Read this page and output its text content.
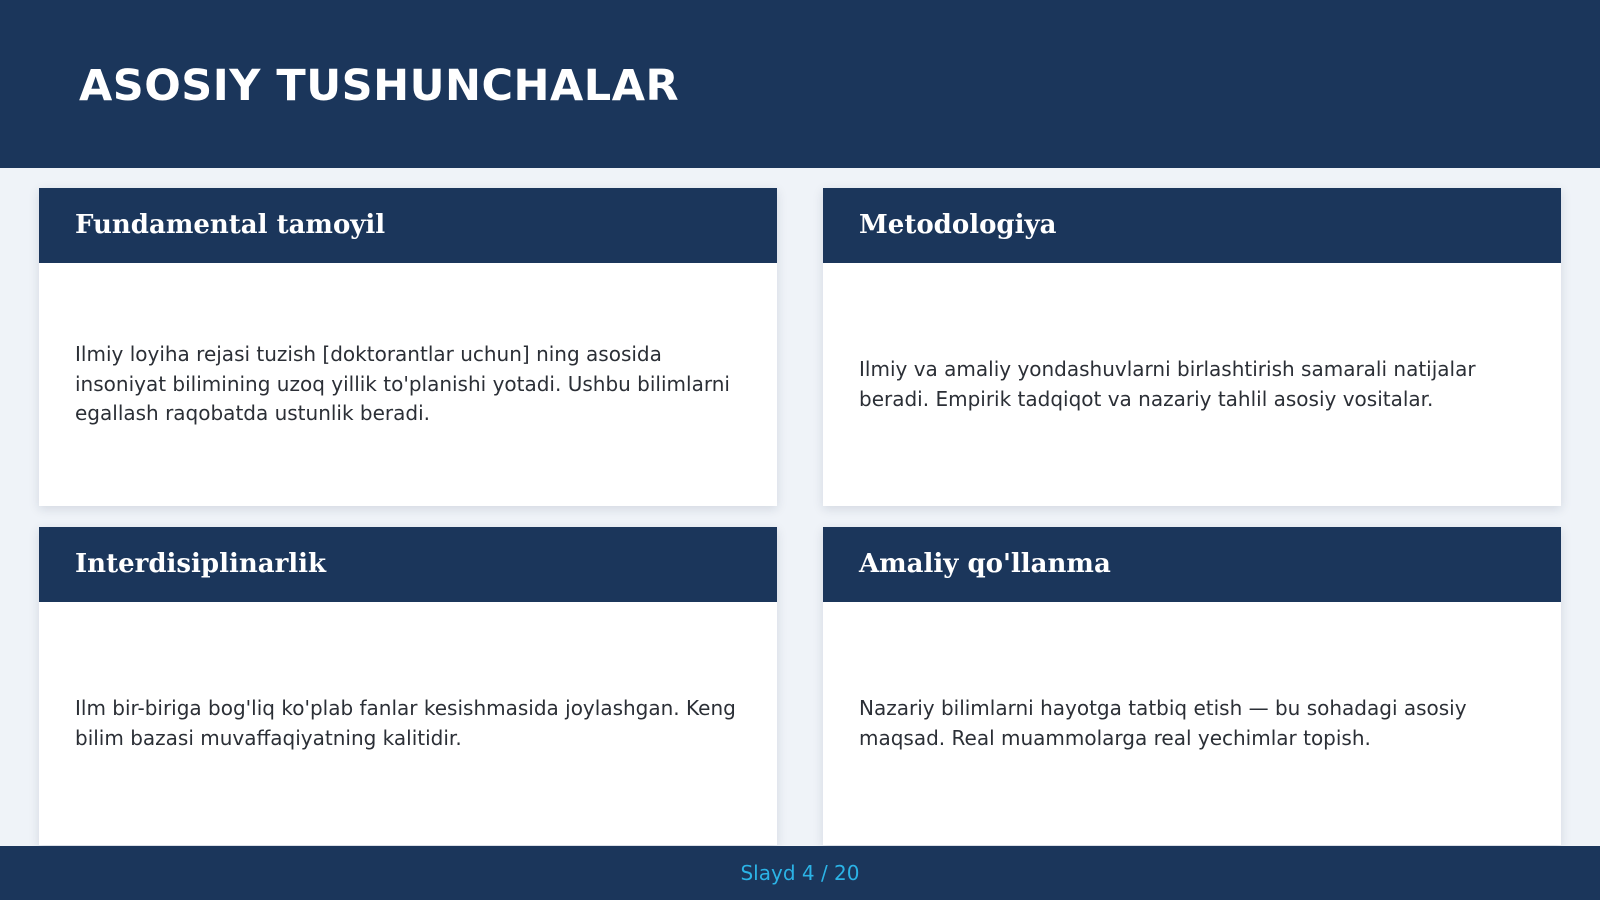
ASOSIY TUSHUNCHALAR
Fundamental tamoyil

Ilmiy loyiha rejasi tuzish [doktorantlar uchun] ning asosida insoniyat bilimining uzoq yillik to'planishi yotadi. Ushbu bilimlarni egallash raqobatda ustunlik beradi.

Metodologiya

Ilmiy va amaliy yondashuvlarni birlashtirish samarali natijalar beradi. Empirik tadqiqot va nazariy tahlil asosiy vositalar.

Interdisiplinarlik

Ilm bir-biriga bog'liq ko'plab fanlar kesishmasida joylashgan. Keng bilim bazasi muvaffaqiyatning kalitidir.

Amaliy qo'llanma

Nazariy bilimlarni hayotga tatbiq etish — bu sohadagi asosiy maqsad. Real muammolarga real yechimlar topish.

Slayd 4 / 20
